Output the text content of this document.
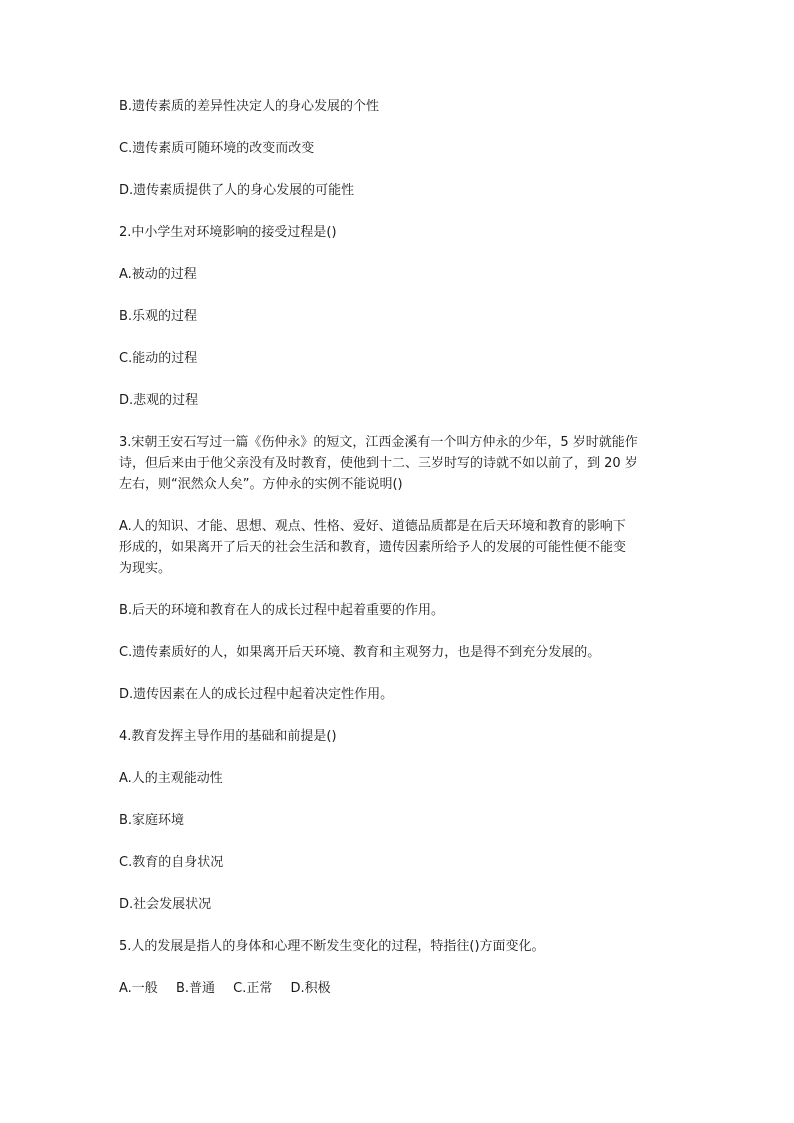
B.遗传素质的差异性决定人的身心发展的个性

C.遗传素质可随环境的改变而改变

D.遗传素质提供了人的身心发展的可能性

2.中小学生对环境影响的接受过程是()

A.被动的过程

B.乐观的过程

C.能动的过程

D.悲观的过程

3.宋朝王安石写过一篇《伤仲永》的短文，江西金溪有一个叫方仲永的少年，5 岁时就能作
诗，但后来由于他父亲没有及时教育，使他到十二、三岁时写的诗就不如以前了，到 20 岁
左右，则“泯然众人矣”。方仲永的实例不能说明()

A.人的知识、才能、思想、观点、性格、爱好、道德品质都是在后天环境和教育的影响下
形成的，如果离开了后天的社会生活和教育，遗传因素所给予人的发展的可能性便不能变
为现实。

B.后天的环境和教育在人的成长过程中起着重要的作用。

C.遗传素质好的人，如果离开后天环境、教育和主观努力，也是得不到充分发展的。

D.遗传因素在人的成长过程中起着决定性作用。

4.教育发挥主导作用的基础和前提是()

A.人的主观能动性

B.家庭环境

C.教育的自身状况

D.社会发展状况

5.人的发展是指人的身体和心理不断发生变化的过程，特指往()方面变化。

A.一般 B.普通 C.正常 D.积极
